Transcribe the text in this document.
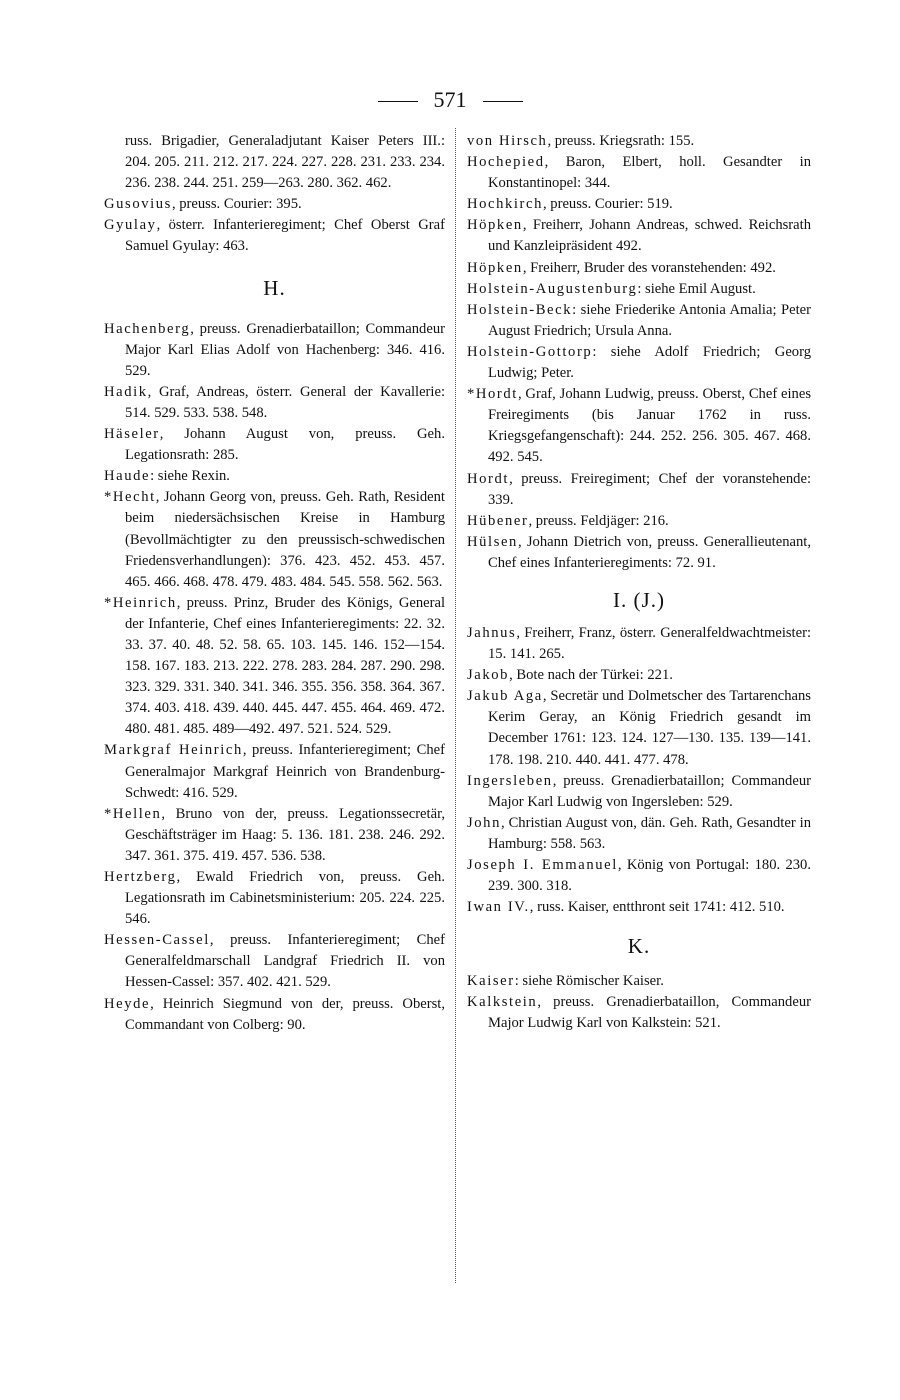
571

russ. Brigadier, Generaladjutant Kaiser Peters III.: 204. 205. 211. 212. 217. 224. 227. 228. 231. 233. 234. 236. 238. 244. 251. 259—263. 280. 362. 462.

Gusovius, preuss. Courier: 395.

Gyulay, österr. Infanterieregiment; Chef Oberst Graf Samuel Gyulay: 463.

H.

Hachenberg, preuss. Grenadierbataillon; Commandeur Major Karl Elias Adolf von Hachenberg: 346. 416. 529.

Hadik, Graf, Andreas, österr. General der Kavallerie: 514. 529. 533. 538. 548.

Häseler, Johann August von, preuss. Geh. Legationsrath: 285.

Haude: siehe Rexin.

*Hecht, Johann Georg von, preuss. Geh. Rath, Resident beim niedersächsischen Kreise in Hamburg (Bevollmächtigter zu den preussisch-schwedischen Friedensverhandlungen): 376. 423. 452. 453. 457. 465. 466. 468. 478. 479. 483. 484. 545. 558. 562. 563.

*Heinrich, preuss. Prinz, Bruder des Königs, General der Infanterie, Chef eines Infanterieregiments: 22. 32. 33. 37. 40. 48. 52. 58. 65. 103. 145. 146. 152—154. 158. 167. 183. 213. 222. 278. 283. 284. 287. 290. 298. 323. 329. 331. 340. 341. 346. 355. 356. 358. 364. 367. 374. 403. 418. 439. 440. 445. 447. 455. 464. 469. 472. 480. 481. 485. 489—492. 497. 521. 524. 529.

Markgraf Heinrich, preuss. Infanterieregiment; Chef Generalmajor Markgraf Heinrich von Brandenburg-Schwedt: 416. 529.

*Hellen, Bruno von der, preuss. Legationssecretär, Geschäftsträger im Haag: 5. 136. 181. 238. 246. 292. 347. 361. 375. 419. 457. 536. 538.

Hertzberg, Ewald Friedrich von, preuss. Geh. Legationsrath im Cabinetsministerium: 205. 224. 225. 546.

Hessen-Cassel, preuss. Infanterieregiment; Chef Generalfeldmarschall Landgraf Friedrich II. von Hessen-Cassel: 357. 402. 421. 529.

Heyde, Heinrich Siegmund von der, preuss. Oberst, Commandant von Colberg: 90.

von Hirsch, preuss. Kriegsrath: 155.

Hochepied, Baron, Elbert, holl. Gesandter in Konstantinopel: 344.

Hochkirch, preuss. Courier: 519.

Höpken, Freiherr, Johann Andreas, schwed. Reichsrath und Kanzleipräsident 492.

Höpken, Freiherr, Bruder des voranstehenden: 492.

Holstein-Augustenburg: siehe Emil August.

Holstein-Beck: siehe Friederike Antonia Amalia; Peter August Friedrich; Ursula Anna.

Holstein-Gottorp: siehe Adolf Friedrich; Georg Ludwig; Peter.

*Hordt, Graf, Johann Ludwig, preuss. Oberst, Chef eines Freiregiments (bis Januar 1762 in russ. Kriegsgefangenschaft): 244. 252. 256. 305. 467. 468. 492. 545.

Hordt, preuss. Freiregiment; Chef der voranstehende: 339.

Hübener, preuss. Feldjäger: 216.

Hülsen, Johann Dietrich von, preuss. Generallieutenant, Chef eines Infanterieregiments: 72. 91.

I. (J.)

Jahnus, Freiherr, Franz, österr. Generalfeldwachtmeister: 15. 141. 265.

Jakob, Bote nach der Türkei: 221.

Jakub Aga, Secretär und Dolmetscher des Tartarenchans Kerim Geray, an König Friedrich gesandt im December 1761: 123. 124. 127—130. 135. 139—141. 178. 198. 210. 440. 441. 477. 478.

Ingersleben, preuss. Grenadierbataillon; Commandeur Major Karl Ludwig von Ingersleben: 529.

John, Christian August von, dän. Geh. Rath, Gesandter in Hamburg: 558. 563.

Joseph I. Emmanuel, König von Portugal: 180. 230. 239. 300. 318.

Iwan IV., russ. Kaiser, entthront seit 1741: 412. 510.

K.

Kaiser: siehe Römischer Kaiser.

Kalkstein, preuss. Grenadierbataillon, Commandeur Major Ludwig Karl von Kalkstein: 521.
